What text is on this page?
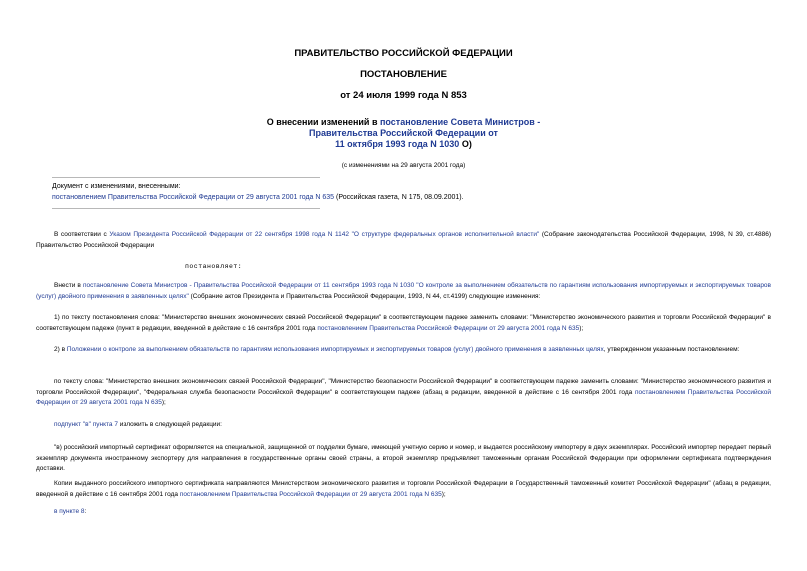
ПРАВИТЕЛЬСТВО РОССИЙСКОЙ ФЕДЕРАЦИИ
ПОСТАНОВЛЕНИЕ
от 24 июля 1999 года N 853
О внесении изменений в постановление Совета Министров -
Правительства Российской Федерации от
11 октября 1993 года N 1030 О)
(с изменениями на 29 августа 2001 года)
Документ с изменениями, внесенными:
постановлением Правительства Российской Федерации от 29 августа 2001 года N 635 (Российская газета, N 175, 08.09.2001).
В соответствии с Указом Президента Российской Федерации от 22 сентября 1998 года N 1142 "О структуре федеральных органов исполнительной власти" (Собрание законодательства Российской Федерации, 1998, N 39, ст.4886) Правительство Российской Федерации
постановляет:
Внести в постановление Совета Министров - Правительства Российской Федерации от 11 сентября 1993 года N 1030 "О контроле за выполнением обязательств по гарантиям использования импортируемых и экспортируемых товаров (услуг) двойного применения в заявленных целях" (Собрание актов Президента и Правительства Российской Федерации, 1993, N 44, ст.4199) следующие изменения:
1) по тексту постановления слова: "Министерство внешних экономических связей Российской Федерации" в соответствующем падеже заменить словами: "Министерство экономического развития и торговли Российской Федерации" в соответствующем падеже (пункт в редакции, введенной в действие с 16 сентября 2001 года постановлением Правительства Российской Федерации от 29 августа 2001 года N 635);
2) в Положении о контроле за выполнением обязательств по гарантиям использования импортируемых и экспортируемых товаров (услуг) двойного применения в заявленных целях, утвержденном указанным постановлением:
по тексту слова: "Министерство внешних экономических связей Российской Федерации", "Министерство безопасности Российской Федерации" в соответствующем падеже заменить словами: "Министерство экономического развития и торговли Российской Федерации", "Федеральная служба безопасности Российской Федерации" в соответствующем падеже (абзац в редакции, введенной в действие с 16 сентября 2001 года постановлением Правительства Российской Федерации от 29 августа 2001 года N 635);
подпункт "в" пункта 7 изложить в следующей редакции:
"в) российский импортный сертификат оформляется на специальной, защищенной от подделки бумаге, имеющей учетную серию и номер, и выдается российскому импортеру в двух экземплярах. Российский импортер передает первый экземпляр документа иностранному экспортеру для направления в государственные органы своей страны, а второй экземпляр предъявляет таможенным органам Российской Федерации при оформлении сертификата подтверждения доставки.
Копии выданного российского импортного сертификата направляются Министерством экономического развития и торговли Российской Федерации в Государственный таможенный комитет Российской Федерации" (абзац в редакции, введенной в действие с 16 сентября 2001 года постановлением Правительства Российской Федерации от 29 августа 2001 года N 635);
в пункте 8:
